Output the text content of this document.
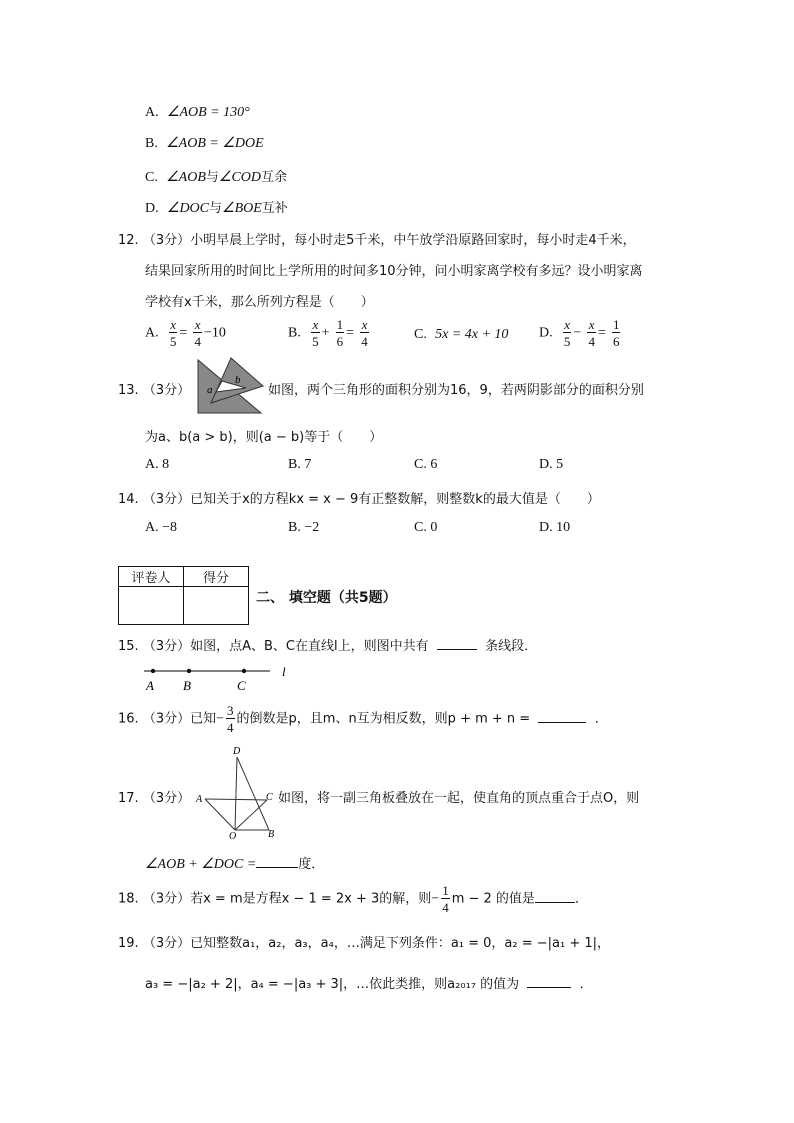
A. ∠AOB = 130°
B. ∠AOB = ∠DOE
C. ∠AOB与∠COD互余
D. ∠DOC与∠BOE互补
12. （3分）小明早晨上学时，每小时走5千米，中午放学沿原路回家时，每小时走4千米，
结果回家所用的时间比上学所用的时间多10分钟，问小明家离学校有多远？设小明家离
学校有x千米，那么所列方程是（　　）
A. $\frac{x}{5} = \frac{x}{4} -10$	B. $\frac{x}{5} + \frac{1}{6} = \frac{x}{4}$	C. 5x = 4x + 10 D. $\frac{x}{5} - \frac{x}{4} = \frac{1}{6}$
13. （3分） a
b
如图，两个三角形的面积分别为16，9，若两阴影部分的面积分别
为a、b(a > b)，则(a − b)等于（　　）
A. 8	B. 7	C. 6	D. 5
14. （3分）已知关于x的方程kx = x − 9有正整数解，则整数k的最大值是（　　）
A. −8	B. −2	C. 0	D. 10
评卷人	得分

二、 填空题（共5题）
15. （3分）如图，点A、B、C在直线l上，则图中共有	条线段．
A B	C
l
16. （3分）已知− $\frac{3}{4}$ 的倒数是p，且m、n互为相反数，则p + m + n =	．
17. （3分）
D
A	C
O	B
如图，将一副三角板叠放在一起，使直角的顶点重合于点O，则
∠AOB + ∠DOC =	度．
18. （3分）若x = m是方程x − 1 = 2x + 3的解，则− $\frac{1}{4}$ m − 2 的值是	．
19. （3分）已知整数a₁，a₂，a₃，a₄，…满足下列条件：a₁ = 0，a₂ = −|a₁ + 1|，
a₃ = −|a₂ + 2|，a₄ = −|a₃ + 3|，…依此类推，则a₂₀₁₇ 的值为	．
